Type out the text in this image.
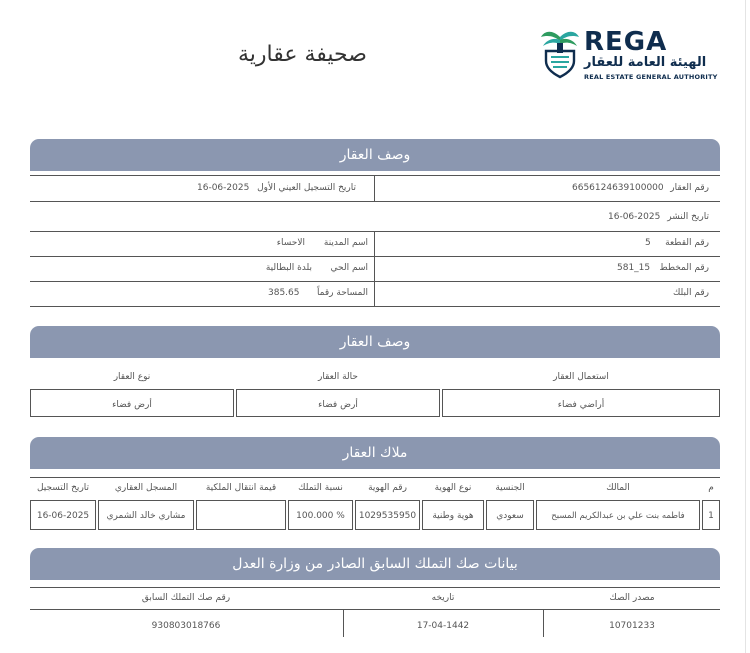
صحيفة عقارية	REGA
الهيئة العامة للعقار
REAL ESTATE GENERAL AUTHORITY
وصف العقار
رقم العقار
6656124639100000
تاريخ التسجيل العيني الأول
16-06-2025
تاريخ النشر
16-06-2025
رقم القطعة
5
اسم المدينة
الاحساء
رقم المخطط
581_15
اسم الحي
بلدة البطالية
رقم البلك
المساحة رقماً
385.65
وصف العقار
استعمال العقار
حالة العقار
نوع العقار
أراضي فضاء
أرض فضاء
أرض فضاء
ملاك العقار
م
المالك
الجنسية
نوع الهوية
رقم الهوية
نسبة التملك
قيمة انتقال الملكية
المسجل العقاري
تاريخ التسجيل
1
فاطمه بنت علي بن عبدالكريم المسبح
سعودي
هوية وطنية
1029535950
100.000 %
مشاري خالد الشمري
16-06-2025
بيانات صك التملك السابق الصادر من وزارة العدل
مصدر الصك
تاريخه
رقم صك التملك السابق
10701233
17-04-1442
930803018766
